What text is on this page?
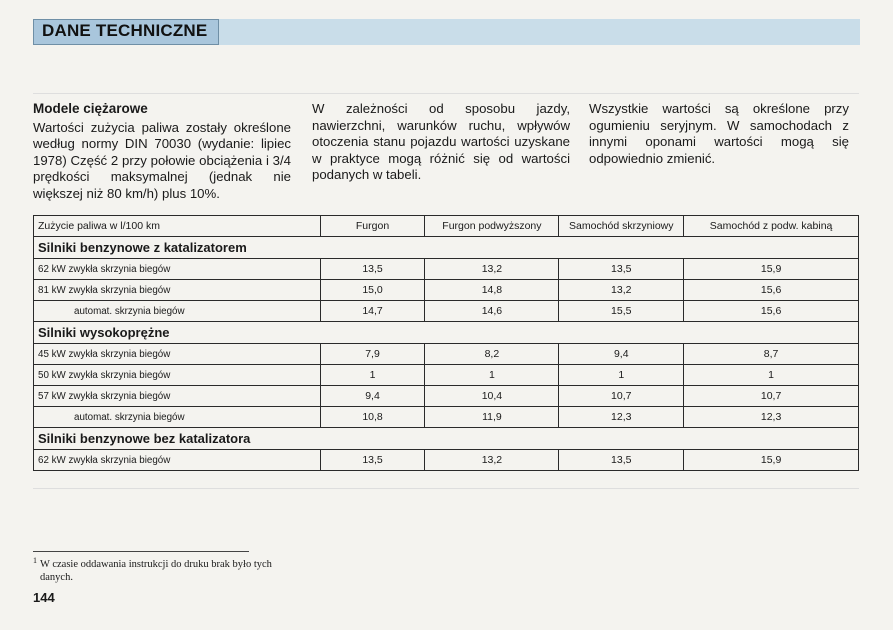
DANE TECHNICZNE
Modele ciężarowe
Wartości zużycia paliwa zostały określone według normy DIN 70030 (wydanie: lipiec 1978) Część 2 przy połowie obciążenia i 3/4 prędkości maksymalnej (jednak nie większej niż 80 km/h) plus 10%.
W zależności od sposobu jazdy, nawierzchni, warunków ruchu, wpływów otoczenia stanu pojazdu wartości uzyskane w praktyce mogą różnić się od wartości podanych w tabeli.
Wszystkie wartości są określone przy ogumieniu seryjnym. W samochodach z innymi oponami wartości mogą się odpowiednio zmienić.
Zużycie paliwa w l/100 km	Furgon	Furgon podwyższony	Samochód skrzyniowy	Samochód z podw. kabiną
Silniki benzynowe z katalizatorem				
62 kW zwykła skrzynia biegów	13,5	13,2	13,5	15,9
81 kW zwykła skrzynia biegów	15,0	14,8	13,2	15,6
automat. skrzynia biegów	14,7	14,6	15,5	15,6
Silniki wysokoprężne				
45 kW zwykła skrzynia biegów	7,9	8,2	9,4	8,7
50 kW zwykła skrzynia biegów	1	1	1	1
57 kW zwykła skrzynia biegów	9,4	10,4	10,7	10,7
automat. skrzynia biegów	10,8	11,9	12,3	12,3
Silniki benzynowe bez katalizatora				
62 kW zwykła skrzynia biegów	13,5	13,2	13,5	15,9
1 W czasie oddawania instrukcji do druku brak było tych danych.
144
